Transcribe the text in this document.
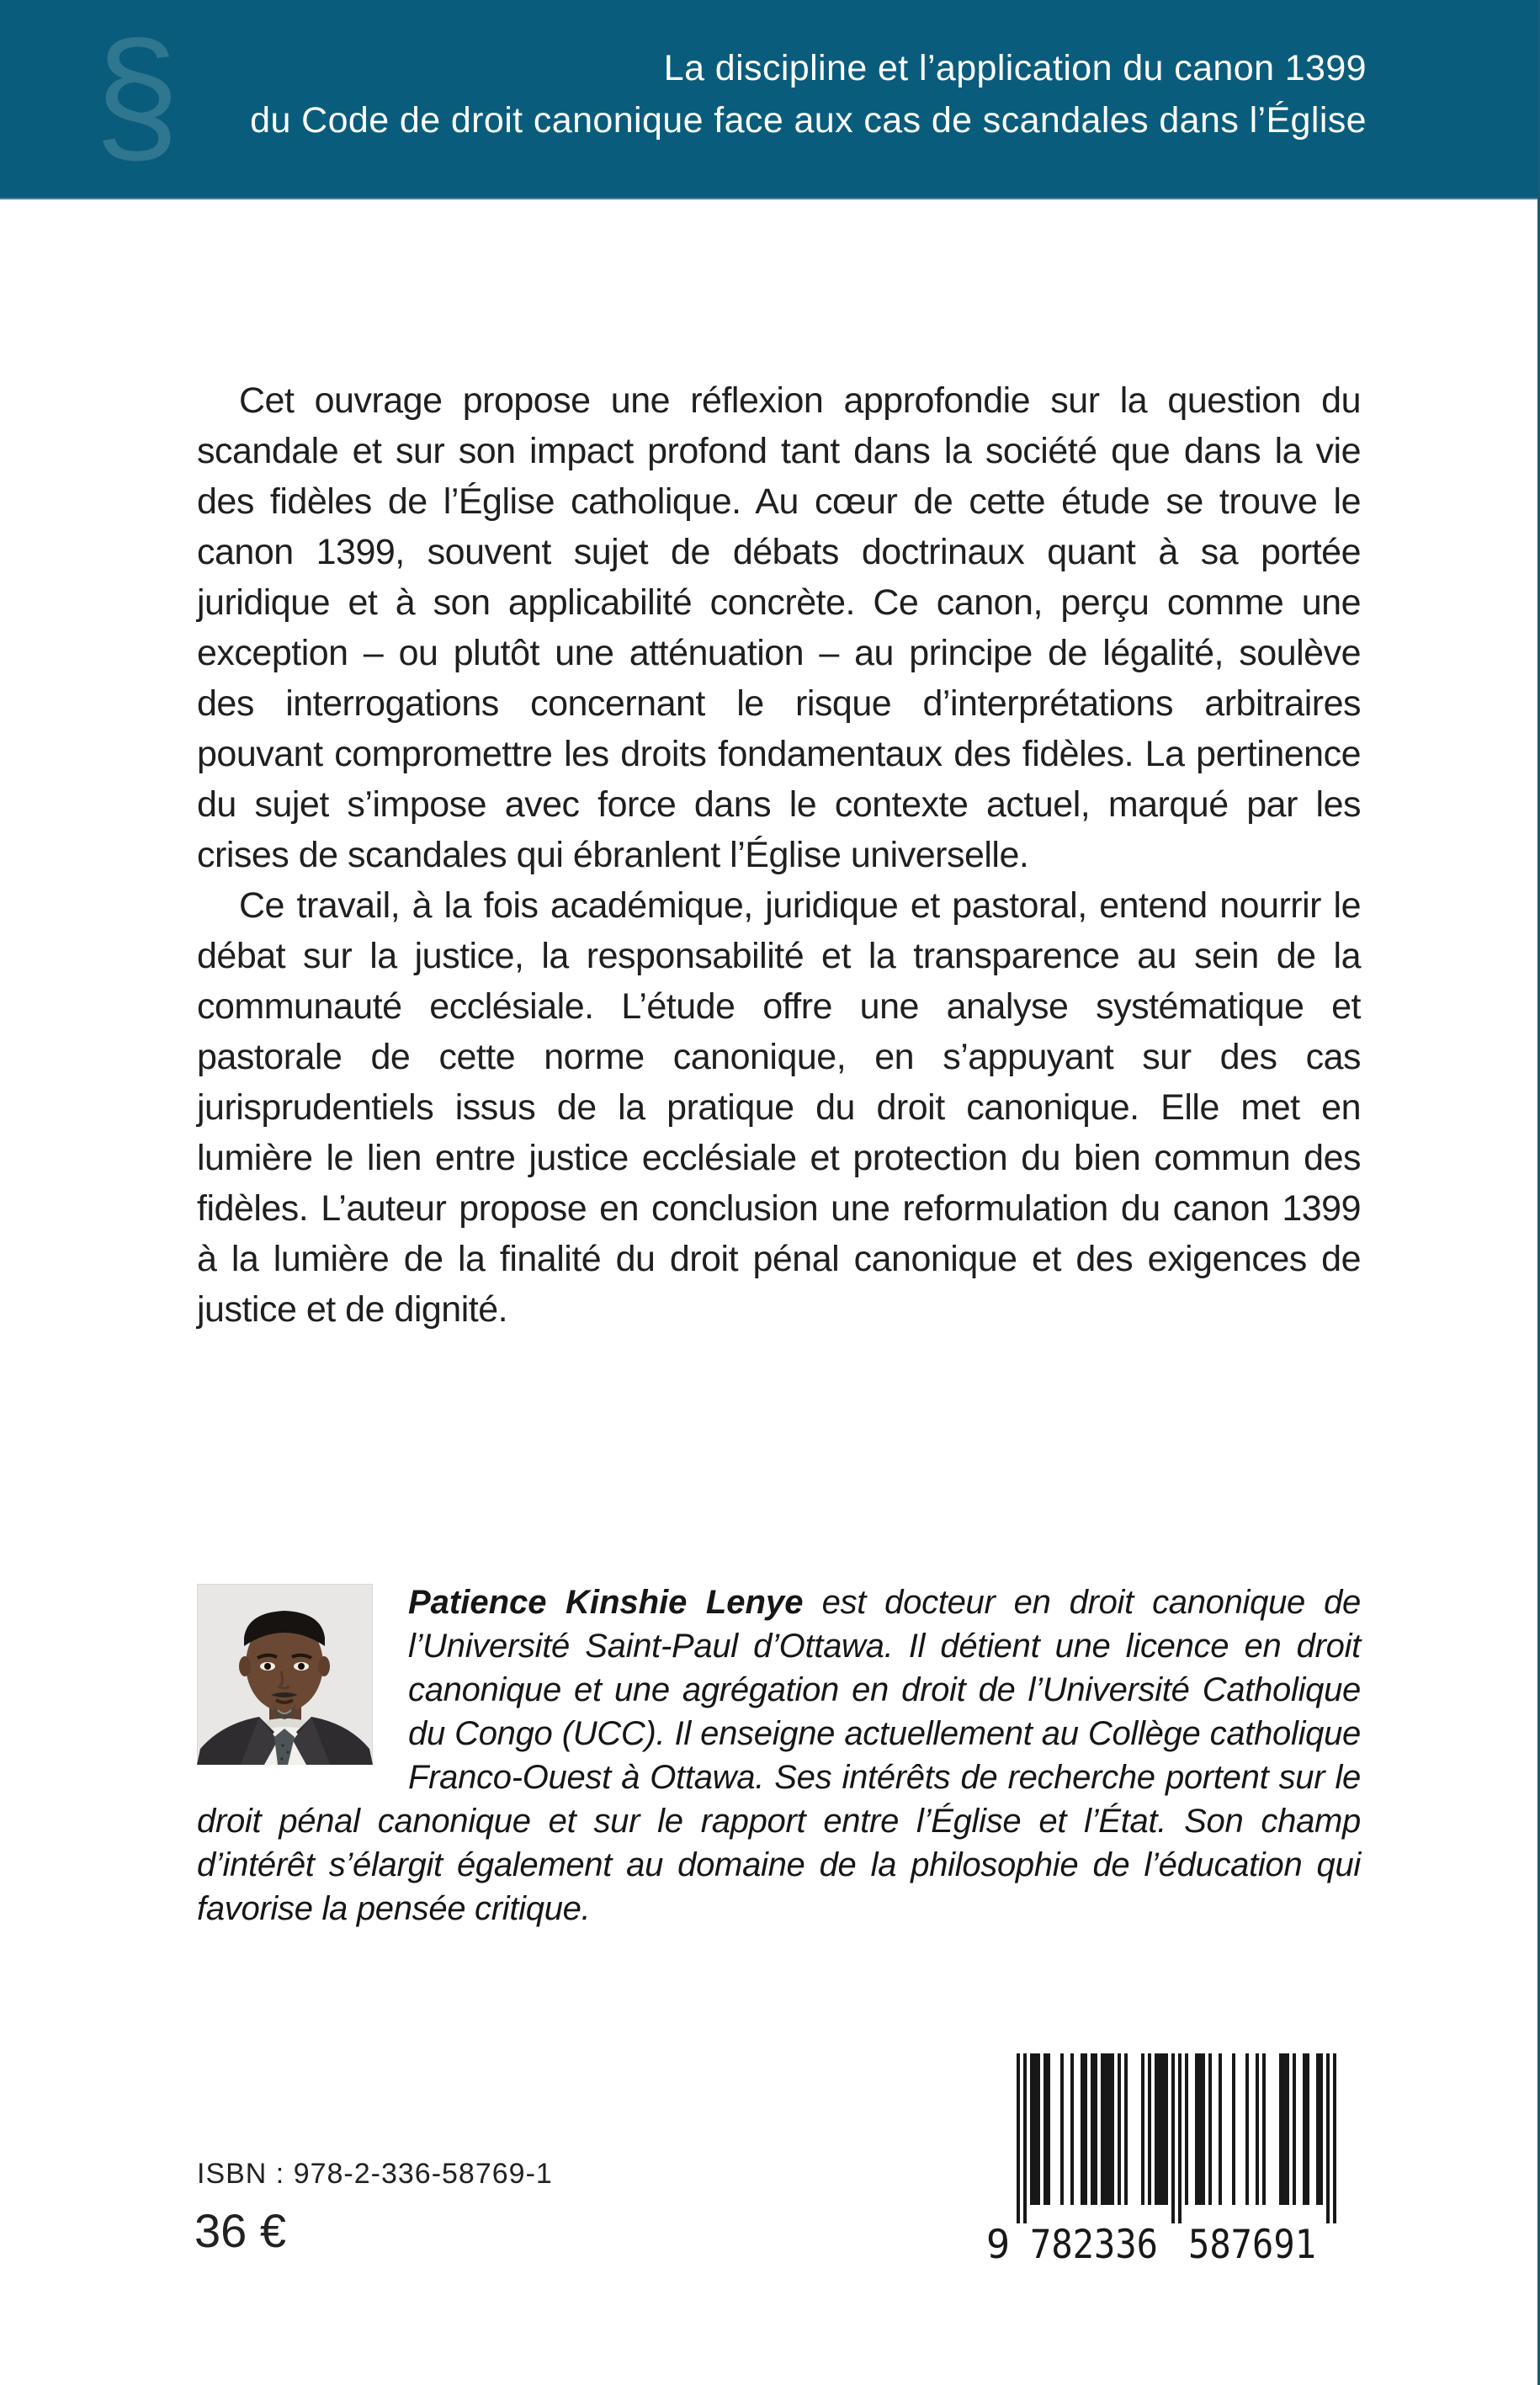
§	La discipline et l’application du canon 1399
du Code de droit canonique face aux cas de scandales dans l’Église

Cet ouvrage propose une réflexion approfondie sur la question du scandale et sur son impact profond tant dans la société que dans la vie des fidèles de l’Église catholique. Au cœur de cette étude se trouve le canon 1399, souvent sujet de débats doctrinaux quant à sa portée juridique et à son applicabilité concrète. Ce canon, perçu comme une exception – ou plutôt une atténuation – au principe de légalité, soulève des interrogations concernant le risque d’interprétations arbitraires pouvant compromettre les droits fondamentaux des fidèles. La pertinence du sujet s’impose avec force dans le contexte actuel, marqué par les crises de scandales qui ébranlent l’Église universelle.

Ce travail, à la fois académique, juridique et pastoral, entend nourrir le débat sur la justice, la responsabilité et la transparence au sein de la communauté ecclésiale. L’étude offre une analyse systématique et pastorale de cette norme canonique, en s’appuyant sur des cas jurisprudentiels issus de la pratique du droit canonique. Elle met en lumière le lien entre justice ecclésiale et protection du bien commun des fidèles. L’auteur propose en conclusion une reformulation du canon 1399 à la lumière de la finalité du droit pénal canonique et des exigences de justice et de dignité.

Patience Kinshie Lenye est docteur en droit canonique de l’Université Saint-Paul d’Ottawa. Il détient une licence en droit canonique et une agrégation en droit de l’Université Catholique du Congo (UCC). Il enseigne actuellement au Collège catholique Franco-Ouest à Ottawa. Ses intérêts de recherche portent sur le droit pénal canonique et sur le rapport entre l’Église et l’État. Son champ d’intérêt s’élargit également au domaine de la philosophie de l’éducation qui favorise la pensée critique.

ISBN : 978-2-336-58769-1

36 €	9 782336 587691
